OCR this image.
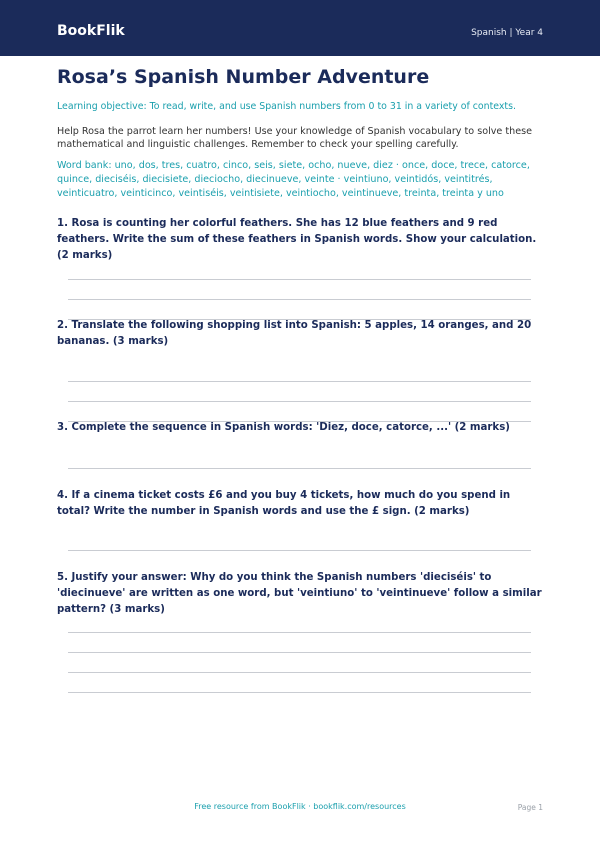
BookFlik	Spanish | Year 4
Rosa’s Spanish Number Adventure
Learning objective: To read, write, and use Spanish numbers from 0 to 31 in a variety of contexts.

Help Rosa the parrot learn her numbers! Use your knowledge of Spanish vocabulary to solve these mathematical and linguistic challenges. Remember to check your spelling carefully.

Word bank: uno, dos, tres, cuatro, cinco, seis, siete, ocho, nueve, diez · once, doce, trece, catorce, quince, dieciséis, diecisiete, dieciocho, diecinueve, veinte · veintiuno, veintidós, veintitrés, veinticuatro, veinticinco, veintiséis, veintisiete, veintiocho, veintinueve, treinta, treinta y uno

1. Rosa is counting her colorful feathers. She has 12 blue feathers and 9 red feathers. Write the sum of these feathers in Spanish words. Show your calculation. (2 marks)

2. Translate the following shopping list into Spanish: 5 apples, 14 oranges, and 20 bananas. (3 marks)

3. Complete the sequence in Spanish words: 'Diez, doce, catorce, ...' (2 marks)

4. If a cinema ticket costs £6 and you buy 4 tickets, how much do you spend in total? Write the number in Spanish words and use the £ sign. (2 marks)

5. Justify your answer: Why do you think the Spanish numbers 'dieciséis' to 'diecinueve' are written as one word, but 'veintiuno' to 'veintinueve' follow a similar pattern? (3 marks)

Free resource from BookFlik · bookflik.com/resources	Page 1
